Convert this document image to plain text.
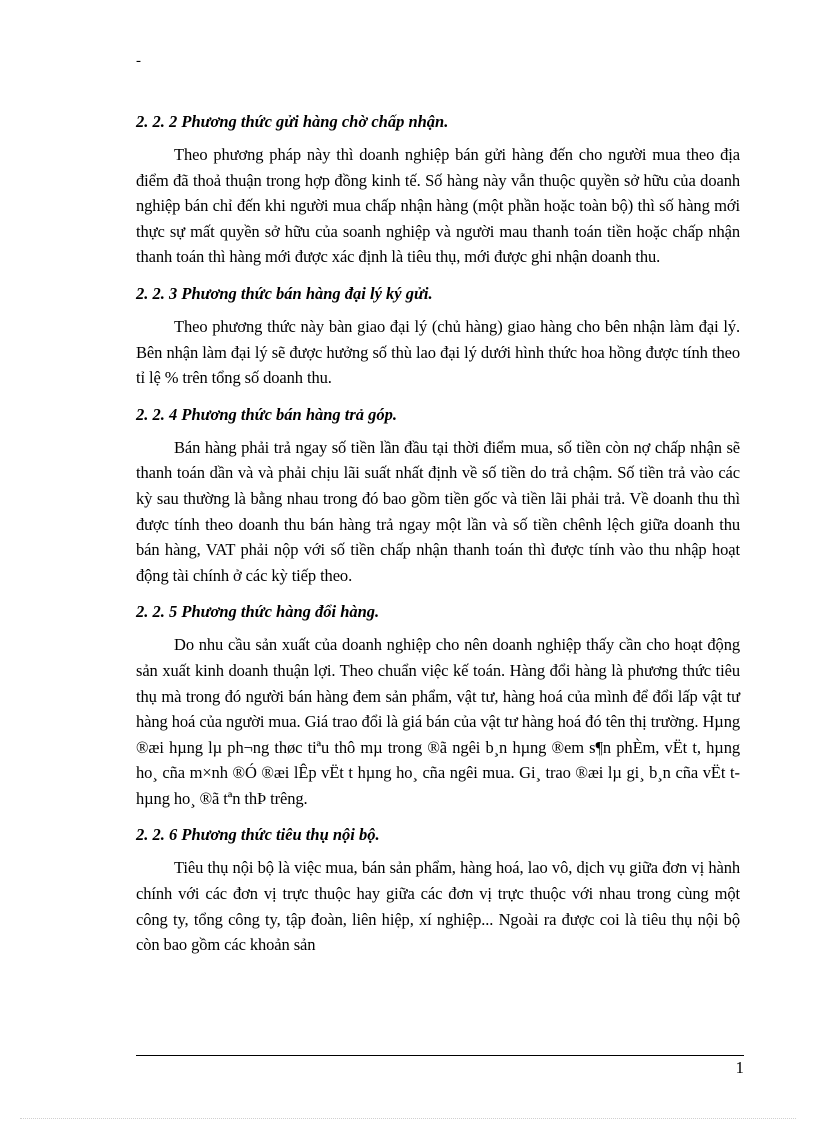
-
2. 2. 2 Phương thức gửi hàng chờ chấp nhận.

Theo phương pháp này thì doanh nghiệp bán gửi hàng đến cho người mua theo địa điểm đã thoả thuận trong hợp đồng kinh tế. Số hàng này vẫn thuộc quyền sở hữu của doanh nghiệp bán chỉ đến khi người mua chấp nhận hàng (một phần hoặc toàn bộ) thì số hàng mới thực sự mất quyền sở hữu của soanh nghiệp và người mau thanh toán tiền hoặc chấp nhận thanh toán thì hàng mới được xác định là tiêu thụ, mới được ghi nhận doanh thu.

2. 2. 3 Phương thức bán hàng đại lý ký gửi.

Theo phương thức này bàn giao đại lý (chủ hàng) giao hàng cho bên nhận làm đại lý. Bên nhận làm đại lý sẽ được hưởng số thù lao đại lý dưới hình thức hoa hồng được tính theo tỉ lệ % trên tổng số doanh thu.

2. 2. 4 Phương thức bán hàng trả góp.

Bán hàng phải trả ngay số tiền lần đầu tại thời điểm mua, số tiền còn nợ chấp nhận sẽ thanh toán dần và và phải chịu lãi suất nhất định về số tiền do trả chậm. Số tiền trả vào các kỳ sau thường là bằng nhau trong đó bao gồm tiền gốc và tiền lãi phải trả. Về doanh thu thì được tính theo doanh thu bán hàng trả ngay một lần và số tiền chênh lệch giữa doanh thu bán hàng, VAT phải nộp với số tiền chấp nhận thanh toán thì được tính vào thu nhập hoạt động tài chính ở các kỳ tiếp theo.

2. 2. 5 Phương thức hàng đổi hàng.

Do nhu cầu sản xuất của doanh nghiệp cho nên doanh nghiệp thấy cần cho hoạt động sản xuất kinh doanh thuận lợi. Theo chuẩn việc kế toán. Hàng đổi hàng là phương thức tiêu thụ mà trong đó người bán hàng đem sản phẩm, vật tư, hàng hoá của mình để đổi lấp vật tư hàng hoá của người mua. Giá trao đổi là giá bán của vật tư hàng hoá đó tên thị trường. Hµng ®æi hµng lµ ph¬ng thøc tiªu thô mµ trong ®ã ngêi b¸n hµng ®em s¶n phÈm, vËt t, hµng ho¸ cña m×nh ®Ó ®æi lÊp vËt t hµng ho¸ cña ngêi mua. Gi¸ trao ®æi lµ gi¸ b¸n cña vËt t hµng ho¸ ®ã tªn thÞ trêng.

2. 2. 6 Phương thức tiêu thụ nội bộ.

Tiêu thụ nội bộ là việc mua, bán sản phẩm, hàng hoá, lao vô, dịch vụ giữa đơn vị hành chính với các đơn vị trực thuộc hay giữa các đơn vị trực thuộc với nhau trong cùng một công ty, tổng công ty, tập đoàn, liên hiệp, xí nghiệp... Ngoài ra được coi là tiêu thụ nội bộ còn bao gồm các khoản sản

1
